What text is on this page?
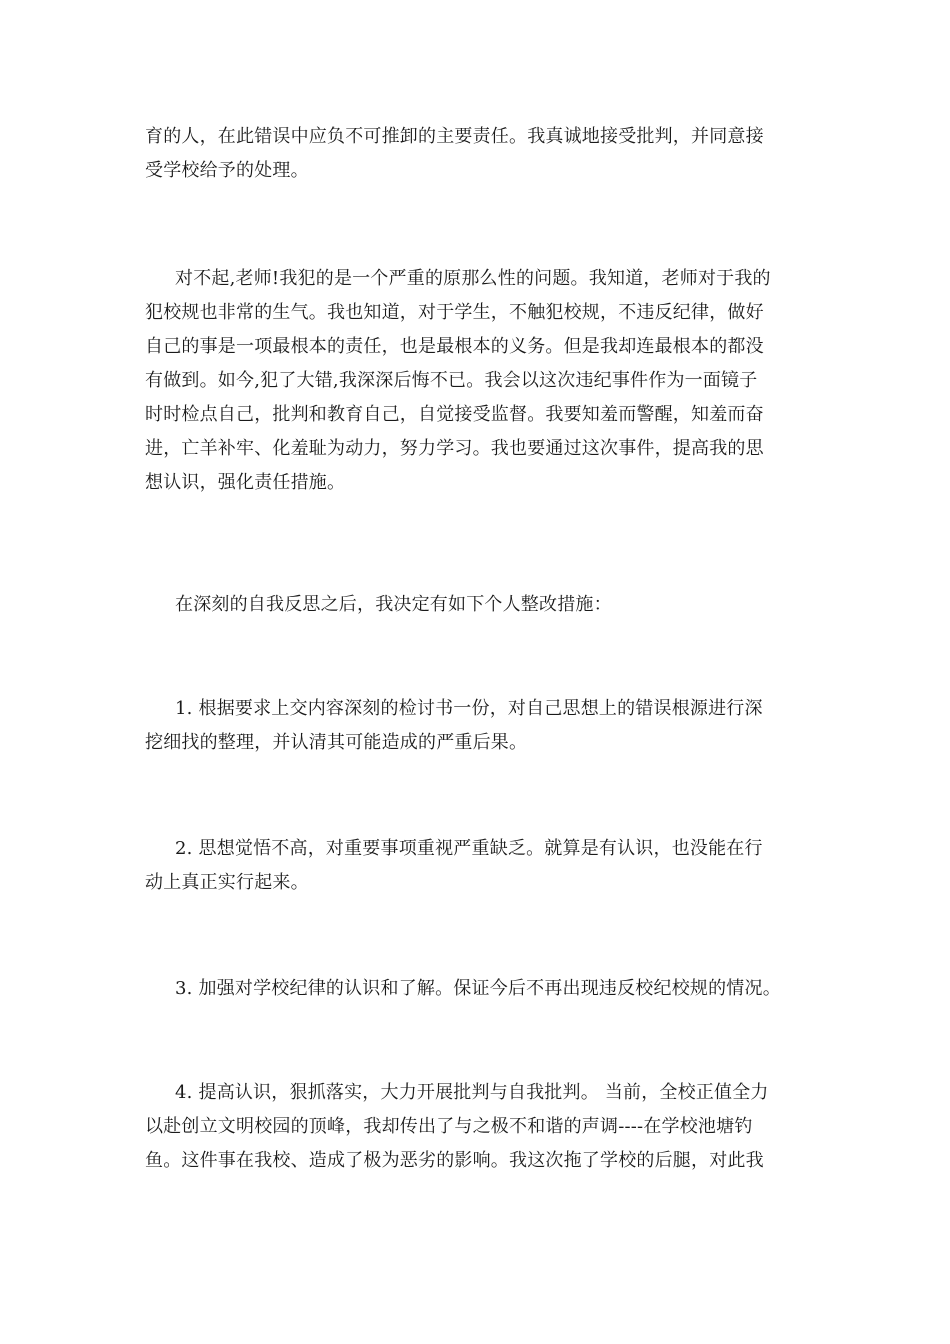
育的人，在此错误中应负不可推卸的主要责任。我真诚地接受批判，并同意接
受学校给予的处理。
对不起,老师!我犯的是一个严重的原那么性的问题。我知道，老师对于我的
犯校规也非常的生气。我也知道，对于学生，不触犯校规，不违反纪律，做好
自己的事是一项最根本的责任，也是最根本的义务。但是我却连最根本的都没
有做到。如今,犯了大错,我深深后悔不已。我会以这次违纪事件作为一面镜子
时时检点自己，批判和教育自己，自觉接受监督。我要知羞而警醒，知羞而奋
进，亡羊补牢、化羞耻为动力，努力学习。我也要通过这次事件，提高我的思
想认识，强化责任措施。
在深刻的自我反思之后，我决定有如下个人整改措施：
1. 根据要求上交内容深刻的检讨书一份，对自己思想上的错误根源进行深
挖细找的整理，并认清其可能造成的严重后果。
2. 思想觉悟不高，对重要事项重视严重缺乏。就算是有认识，也没能在行
动上真正实行起来。
3. 加强对学校纪律的认识和了解。保证今后不再出现违反校纪校规的情况。
4. 提高认识，狠抓落实，大力开展批判与自我批判。 当前，全校正值全力
以赴创立文明校园的顶峰，我却传出了与之极不和谐的声调----在学校池塘钓
鱼。这件事在我校、造成了极为恶劣的影响。我这次拖了学校的后腿，对此我
